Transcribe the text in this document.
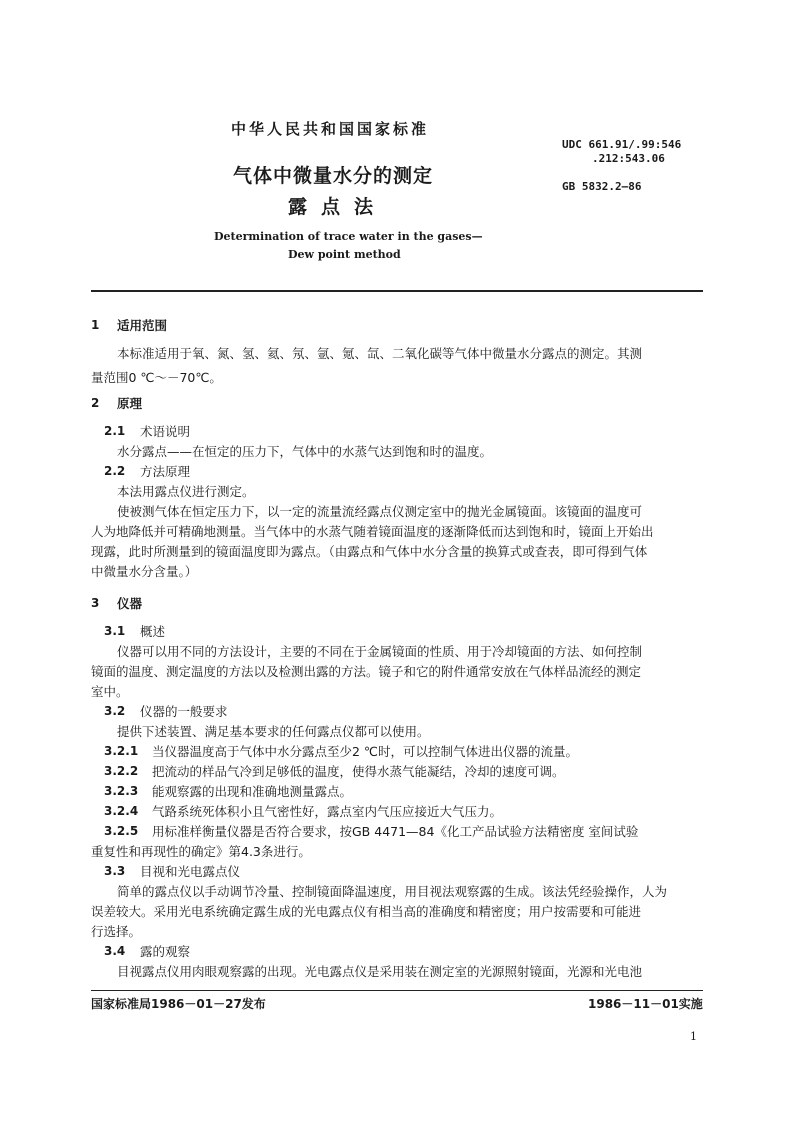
中华人民共和国国家标准
气体中微量水分的测定
露点法
Determination of trace water in the gases—
Dew point method
UDC 661.91/.99:546
.212:543.06
GB 5832.2—86
1 适用范围
本标准适用于氧、氮、氢、氦、氖、氩、氪、氙、二氧化碳等气体中微量水分露点的测定。其测
量范围0 ℃～－70℃。
2 原理
2.1 术语说明
水分露点——在恒定的压力下，气体中的水蒸气达到饱和时的温度。
2.2 方法原理
本法用露点仪进行测定。
使被测气体在恒定压力下，以一定的流量流经露点仪测定室中的抛光金属镜面。该镜面的温度可
人为地降低并可精确地测量。当气体中的水蒸气随着镜面温度的逐渐降低而达到饱和时，镜面上开始出
现露，此时所测量到的镜面温度即为露点。（由露点和气体中水分含量的换算式或查表，即可得到气体
中微量水分含量。）
3 仪器
3.1 概述
仪器可以用不同的方法设计，主要的不同在于金属镜面的性质、用于冷却镜面的方法、如何控制
镜面的温度、测定温度的方法以及检测出露的方法。镜子和它的附件通常安放在气体样品流经的测定
室中。
3.2 仪器的一般要求
提供下述装置、满足基本要求的任何露点仪都可以使用。
3.2.1 当仪器温度高于气体中水分露点至少2 ℃时，可以控制气体进出仪器的流量。
3.2.2 把流动的样品气冷到足够低的温度，使得水蒸气能凝结，冷却的速度可调。
3.2.3 能观察露的出现和准确地测量露点。
3.2.4 气路系统死体积小且气密性好，露点室内气压应接近大气压力。
3.2.5 用标准样衡量仪器是否符合要求，按GB 4471—84《化工产品试验方法精密度 室间试验
重复性和再现性的确定》第4.3条进行。
3.3 目视和光电露点仪
简单的露点仪以手动调节冷量、控制镜面降温速度，用目视法观察露的生成。该法凭经验操作，人为
误差较大。采用光电系统确定露生成的光电露点仪有相当高的准确度和精密度；用户按需要和可能进
行选择。
3.4 露的观察
目视露点仪用肉眼观察露的出现。光电露点仪是采用装在测定室的光源照射镜面，光源和光电池
国家标准局1986－01－27发布	1986－11－01实施
1
